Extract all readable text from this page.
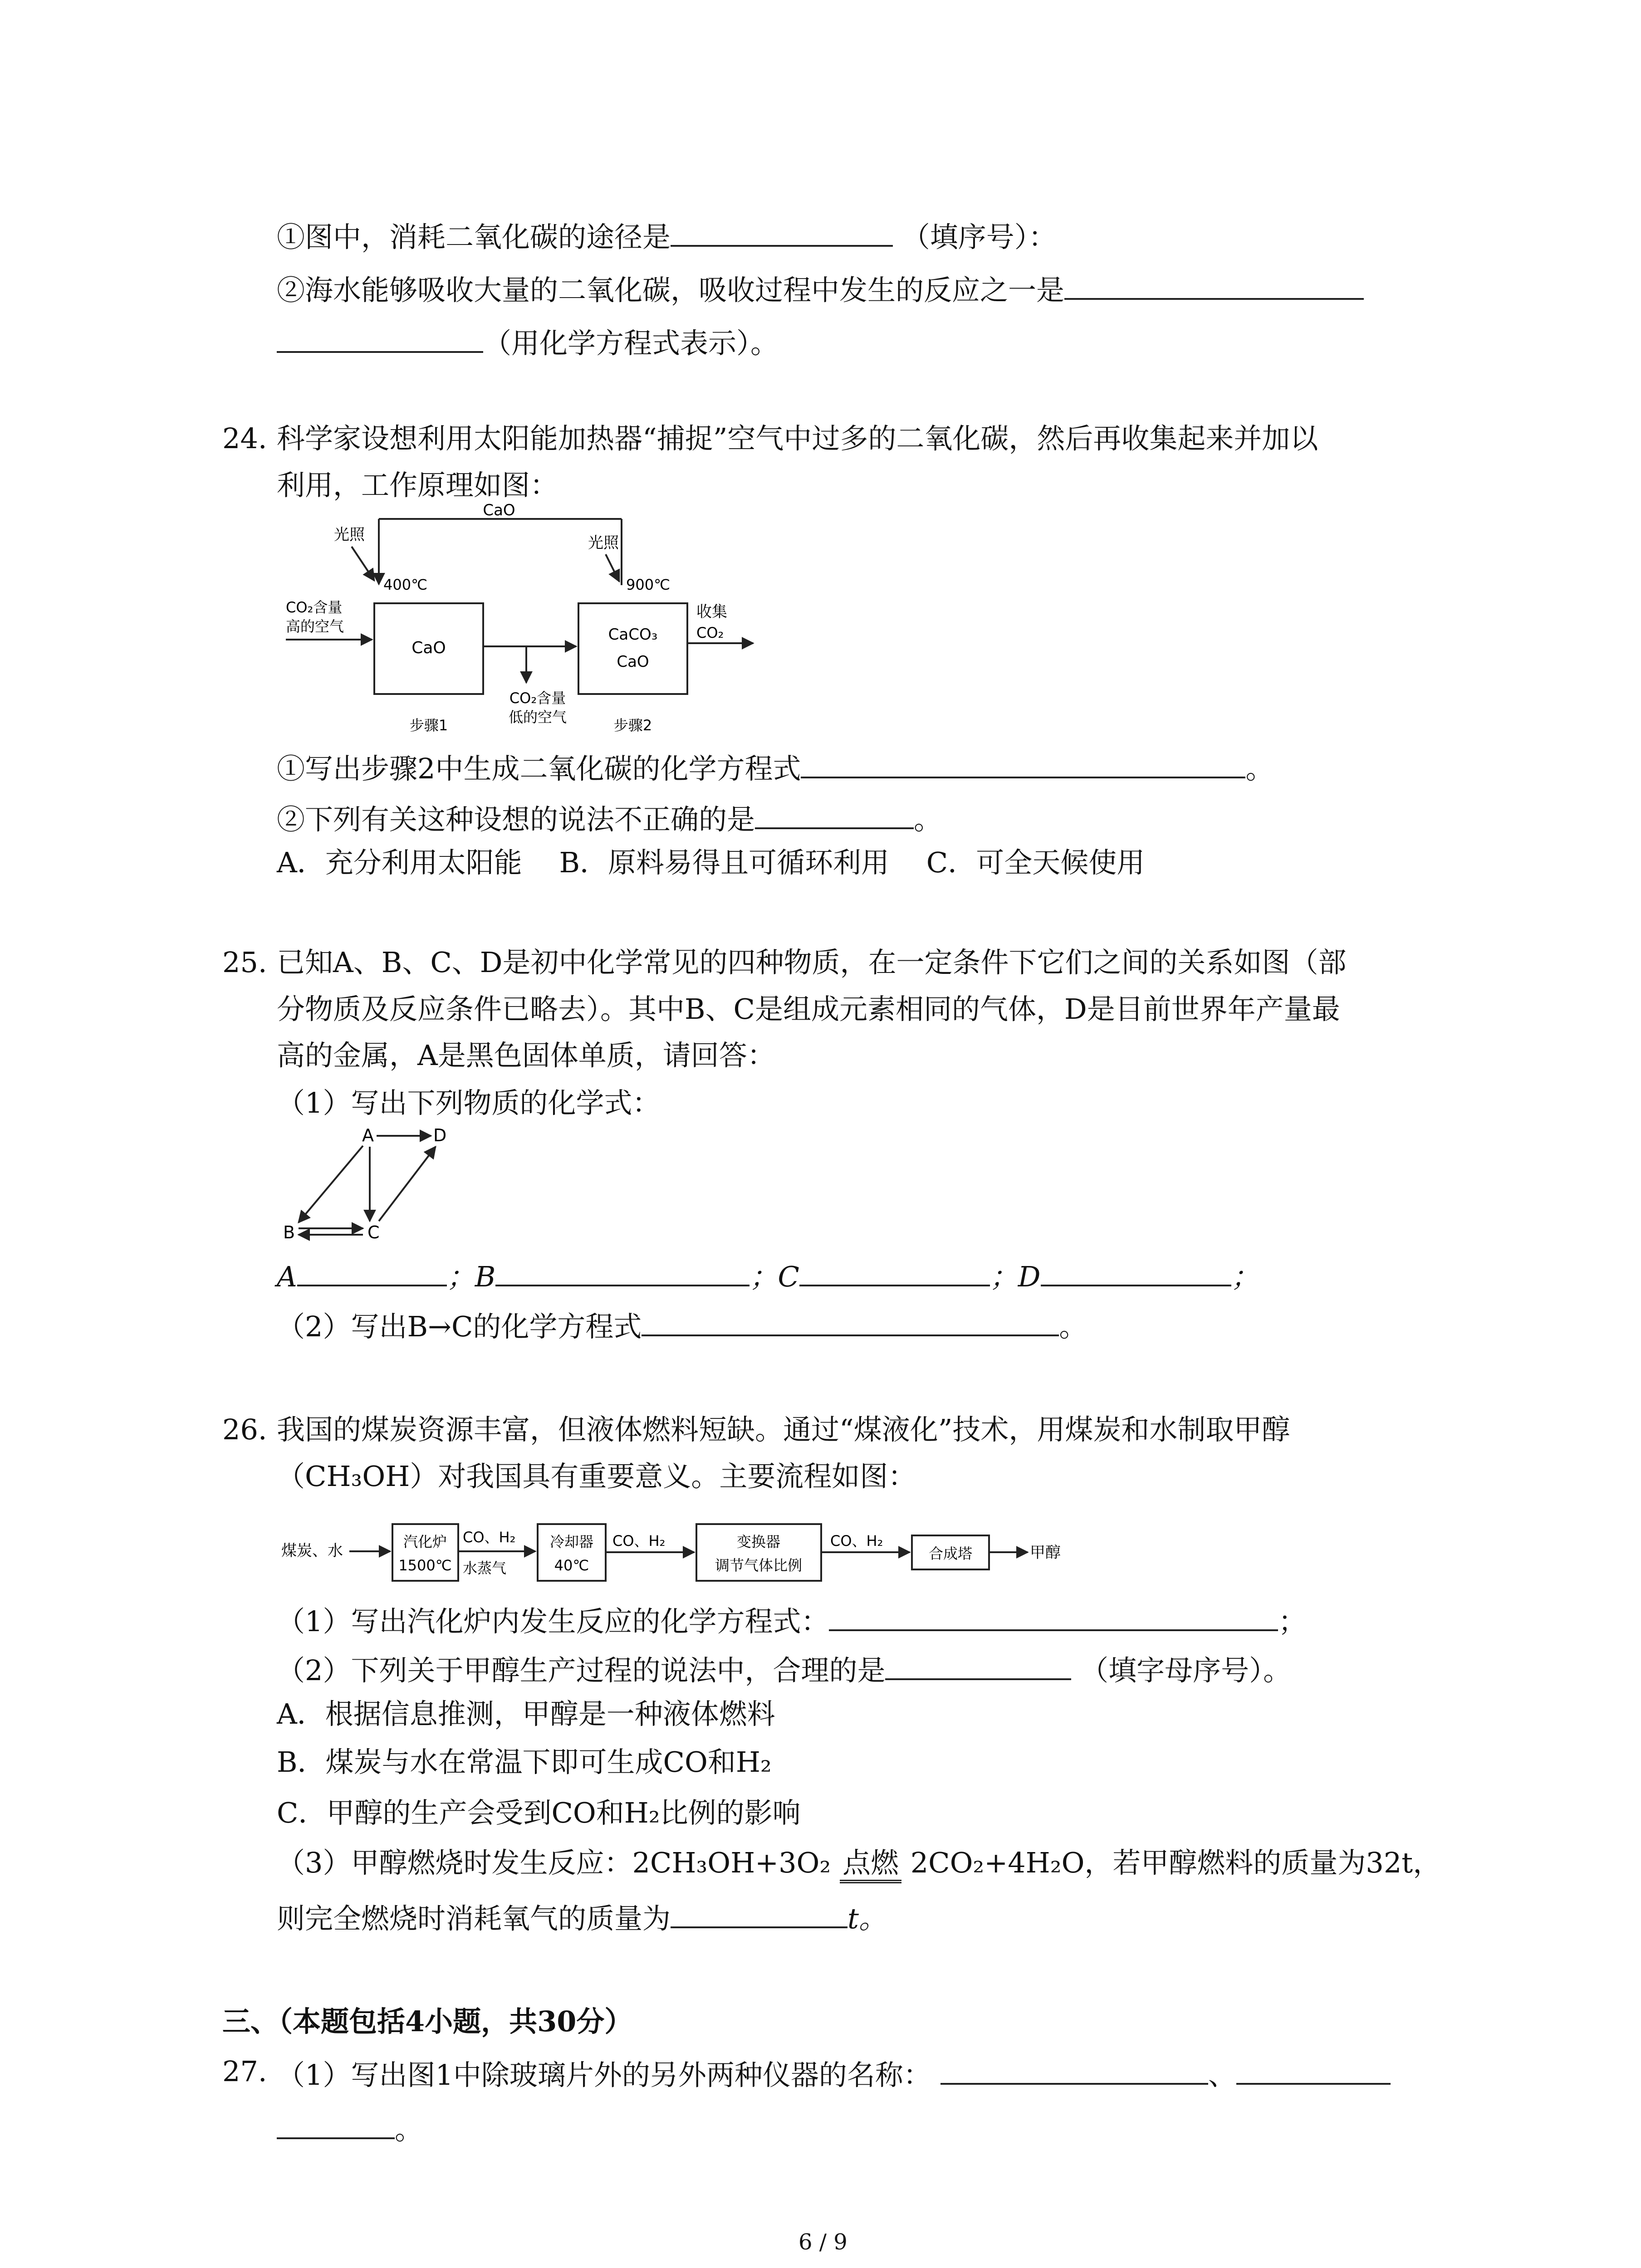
①图中，消耗二氧化碳的途径是	（填序号）：
②海水能够吸收大量的二氧化碳，吸收过程中发生的反应之一是
（用化学方程式表示）。
24. 科学家设想利用太阳能加热器“捕捉”空气中过多的二氧化碳，然后再收集起来并加以
利用，工作原理如图：
CaO
光照
400℃
光照
900℃
CO₂含量
高的空气
CaO
CO₂含量
低的空气
CaCO₃
CaO
收集
CO₂
步骤1	步骤2
①写出步骤2中生成二氧化碳的化学方程式	。
②下列有关这种设想的说法不正确的是	。
A．充分利用太阳能　 B．原料易得且可循环利用　 C．可全天候使用
25. 已知A、B、C、D是初中化学常见的四种物质，在一定条件下它们之间的关系如图（部
分物质及反应条件已略去）。其中B、C是组成元素相同的气体，D是目前世界年产量最
高的金属，A是黑色固体单质，请回答：
（1）写出下列物质的化学式：
A	D
B	C
A	；B	；C	；D	；
（2）写出B→C的化学方程式	。
26. 我国的煤炭资源丰富，但液体燃料短缺。通过“煤液化”技术，用煤炭和水制取甲醇
（CH₃OH）对我国具有重要意义。主要流程如图：
煤炭、水	汽化炉
1500℃
CO、H₂
水蒸气
冷却器
40℃
CO、H₂	变换器
调节气体比例
CO、H₂
合成塔	甲醇
（1）写出汽化炉内发生反应的化学方程式：	；
（2）下列关于甲醇生产过程的说法中，合理的是	（填字母序号）。
A．根据信息推测，甲醇是一种液体燃料
B．煤炭与水在常温下即可生成CO和H₂
C．甲醇的生产会受到CO和H₂比例的影响
（3）甲醇燃烧时发生反应：2CH₃OH+3O₂ 点燃 2CO₂+4H₂O，若甲醇燃料的质量为32t，
则完全燃烧时消耗氧气的质量为	t。
三、（本题包括4小题，共30分）
27. （1）写出图1中除玻璃片外的另外两种仪器的名称：	、
。
6 / 9
